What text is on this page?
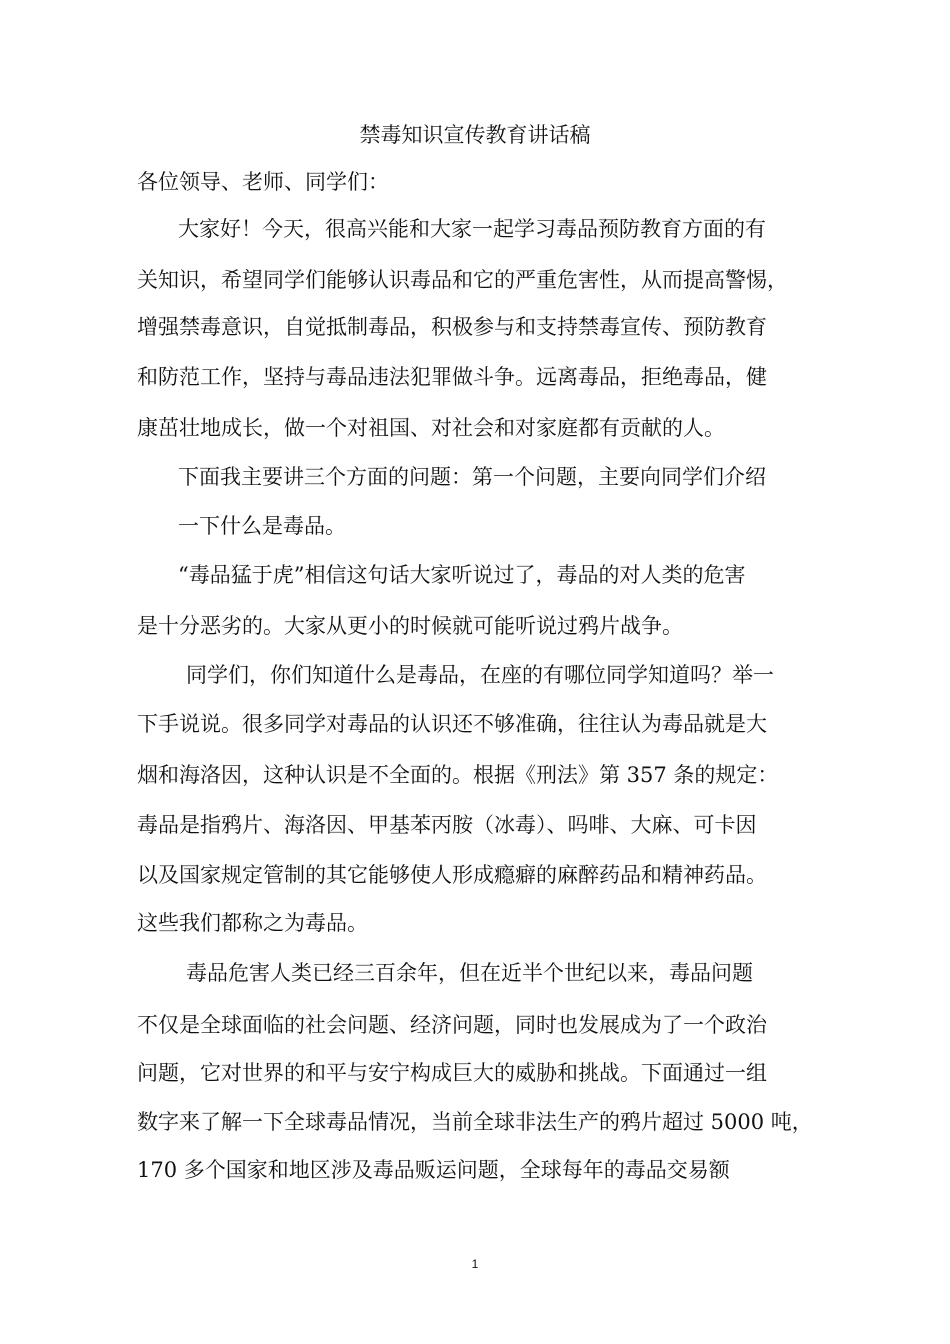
禁毒知识宣传教育讲话稿
各位领导、老师、同学们：
大家好！今天，很高兴能和大家一起学习毒品预防教育方面的有
关知识，希望同学们能够认识毒品和它的严重危害性，从而提高警惕，
增强禁毒意识，自觉抵制毒品，积极参与和支持禁毒宣传、预防教育
和防范工作，坚持与毒品违法犯罪做斗争。远离毒品，拒绝毒品，健
康茁壮地成长，做一个对祖国、对社会和对家庭都有贡献的人。
下面我主要讲三个方面的问题：第一个问题，主要向同学们介绍
一下什么是毒品。
“毒品猛于虎”相信这句话大家听说过了，毒品的对人类的危害
是十分恶劣的。大家从更小的时候就可能听说过鸦片战争。
同学们，你们知道什么是毒品，在座的有哪位同学知道吗？举一
下手说说。很多同学对毒品的认识还不够准确，往往认为毒品就是大
烟和海洛因，这种认识是不全面的。根据《刑法》第 357 条的规定：
毒品是指鸦片、海洛因、甲基苯丙胺（冰毒）、吗啡、大麻、可卡因
以及国家规定管制的其它能够使人形成瘾癖的麻醉药品和精神药品。
这些我们都称之为毒品。
毒品危害人类已经三百余年，但在近半个世纪以来，毒品问题
不仅是全球面临的社会问题、经济问题，同时也发展成为了一个政治
问题，它对世界的和平与安宁构成巨大的威胁和挑战。下面通过一组
数字来了解一下全球毒品情况，当前全球非法生产的鸦片超过 5000 吨，
170 多个国家和地区涉及毒品贩运问题，全球每年的毒品交易额
1
